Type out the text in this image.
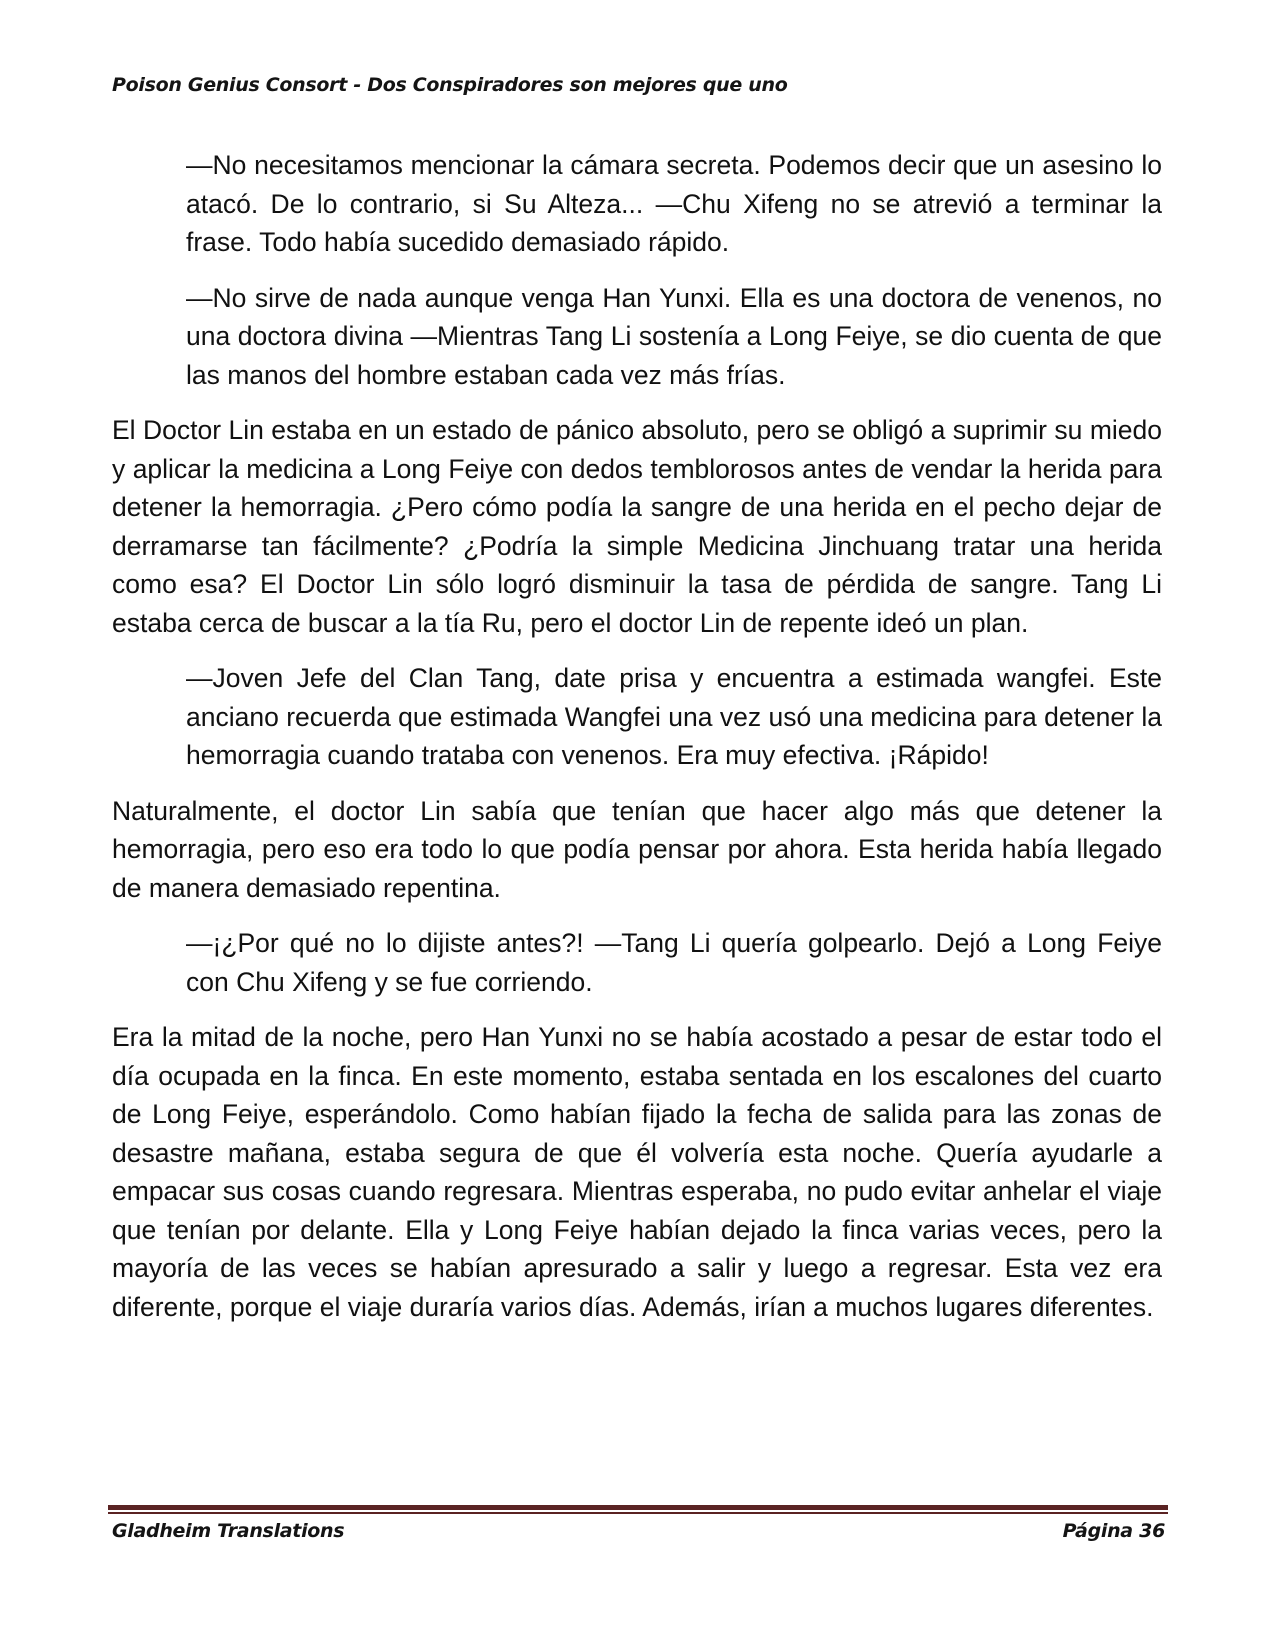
Poison Genius Consort - Dos Conspiradores son mejores que uno

—No necesitamos mencionar la cámara secreta. Podemos decir que un asesino lo atacó. De lo contrario, si Su Alteza... —Chu Xifeng no se atrevió a terminar la frase. Todo había sucedido demasiado rápido.

—No sirve de nada aunque venga Han Yunxi. Ella es una doctora de venenos, no una doctora divina —Mientras Tang Li sostenía a Long Feiye, se dio cuenta de que las manos del hombre estaban cada vez más frías.

El Doctor Lin estaba en un estado de pánico absoluto, pero se obligó a suprimir su miedo y aplicar la medicina a Long Feiye con dedos temblorosos antes de vendar la herida para detener la hemorragia. ¿Pero cómo podía la sangre de una herida en el pecho dejar de derramarse tan fácilmente? ¿Podría la simple Medicina Jinchuang tratar una herida como esa? El Doctor Lin sólo logró disminuir la tasa de pérdida de sangre. Tang Li estaba cerca de buscar a la tía Ru, pero el doctor Lin de repente ideó un plan.

—Joven Jefe del Clan Tang, date prisa y encuentra a estimada wangfei. Este anciano recuerda que estimada Wangfei una vez usó una medicina para detener la hemorragia cuando trataba con venenos. Era muy efectiva. ¡Rápido!

Naturalmente, el doctor Lin sabía que tenían que hacer algo más que detener la hemorragia, pero eso era todo lo que podía pensar por ahora. Esta herida había llegado de manera demasiado repentina.

—¡¿Por qué no lo dijiste antes?! —Tang Li quería golpearlo. Dejó a Long Feiye con Chu Xifeng y se fue corriendo.

Era la mitad de la noche, pero Han Yunxi no se había acostado a pesar de estar todo el día ocupada en la finca. En este momento, estaba sentada en los escalones del cuarto de Long Feiye, esperándolo. Como habían fijado la fecha de salida para las zonas de desastre mañana, estaba segura de que él volvería esta noche. Quería ayudarle a empacar sus cosas cuando regresara. Mientras esperaba, no pudo evitar anhelar el viaje que tenían por delante. Ella y Long Feiye habían dejado la finca varias veces, pero la mayoría de las veces se habían apresurado a salir y luego a regresar. Esta vez era diferente, porque el viaje duraría varios días. Además, irían a muchos lugares diferentes.

Gladheim Translations	Página 36
